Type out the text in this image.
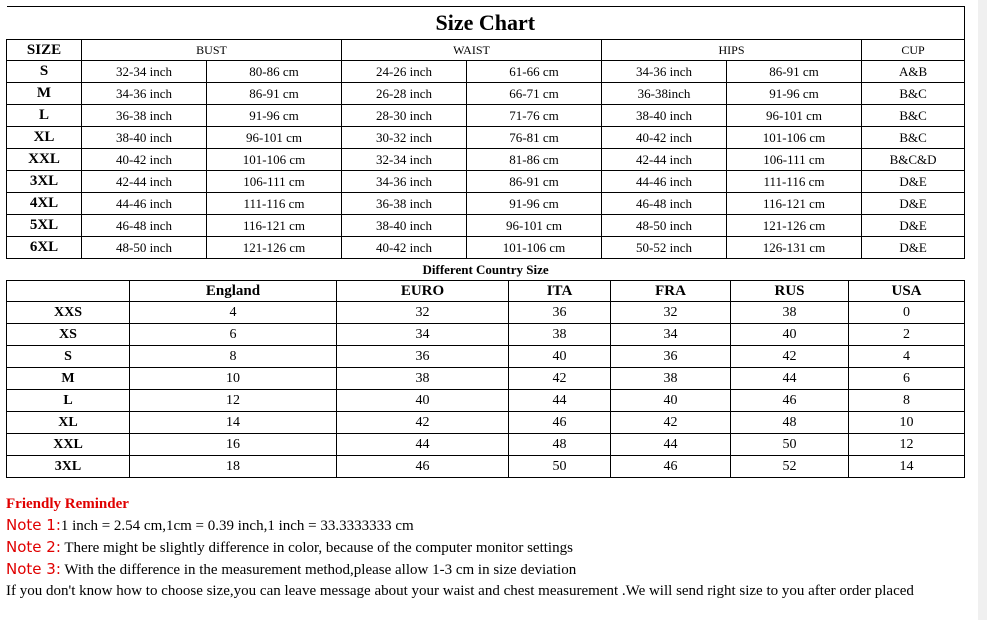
Size Chart							
SIZE	BUST		WAIST		HIPS		CUP
S	32-34 inch	80-86 cm	24-26 inch	61-66 cm	34-36 inch	86-91 cm	A&B
M	34-36 inch	86-91 cm	26-28 inch	66-71 cm	36-38inch	91-96 cm	B&C
L	36-38 inch	91-96 cm	28-30 inch	71-76 cm	38-40 inch	96-101 cm	B&C
XL	38-40 inch	96-101 cm	30-32 inch	76-81 cm	40-42 inch	101-106 cm	B&C
XXL	40-42 inch	101-106 cm	32-34 inch	81-86 cm	42-44 inch	106-111 cm	B&C&D
3XL	42-44 inch	106-111 cm	34-36 inch	86-91 cm	44-46 inch	111-116 cm	D&E
4XL	44-46 inch	111-116 cm	36-38 inch	91-96 cm	46-48 inch	116-121 cm	D&E
5XL	46-48 inch	116-121 cm	38-40 inch	96-101 cm	48-50 inch	121-126 cm	D&E
6XL	48-50 inch	121-126 cm	40-42 inch	101-106 cm	50-52 inch	126-131 cm	D&E
Different Country Size							
	England	EURO	ITA	FRA	RUS	USA
XXS	4	32	36	32	38	0
XS	6	34	38	34	40	2
S	8	36	40	36	42	4
M	10	38	42	38	44	6
L	12	40	44	40	46	8
XL	14	42	46	42	48	10
XXL	16	44	48	44	50	12
3XL	18	46	50	46	52	14
Friendly Reminder
Note 1:1 inch = 2.54 cm,1cm = 0.39 inch,1 inch = 33.3333333 cm
Note 2: There might be slightly difference in color, because of the computer monitor settings
Note 3: With the difference in the measurement method,please allow 1-3 cm in size deviation
If you don't know how to choose size,you can leave message about your waist and chest measurement .We will send right size to you after order placed
